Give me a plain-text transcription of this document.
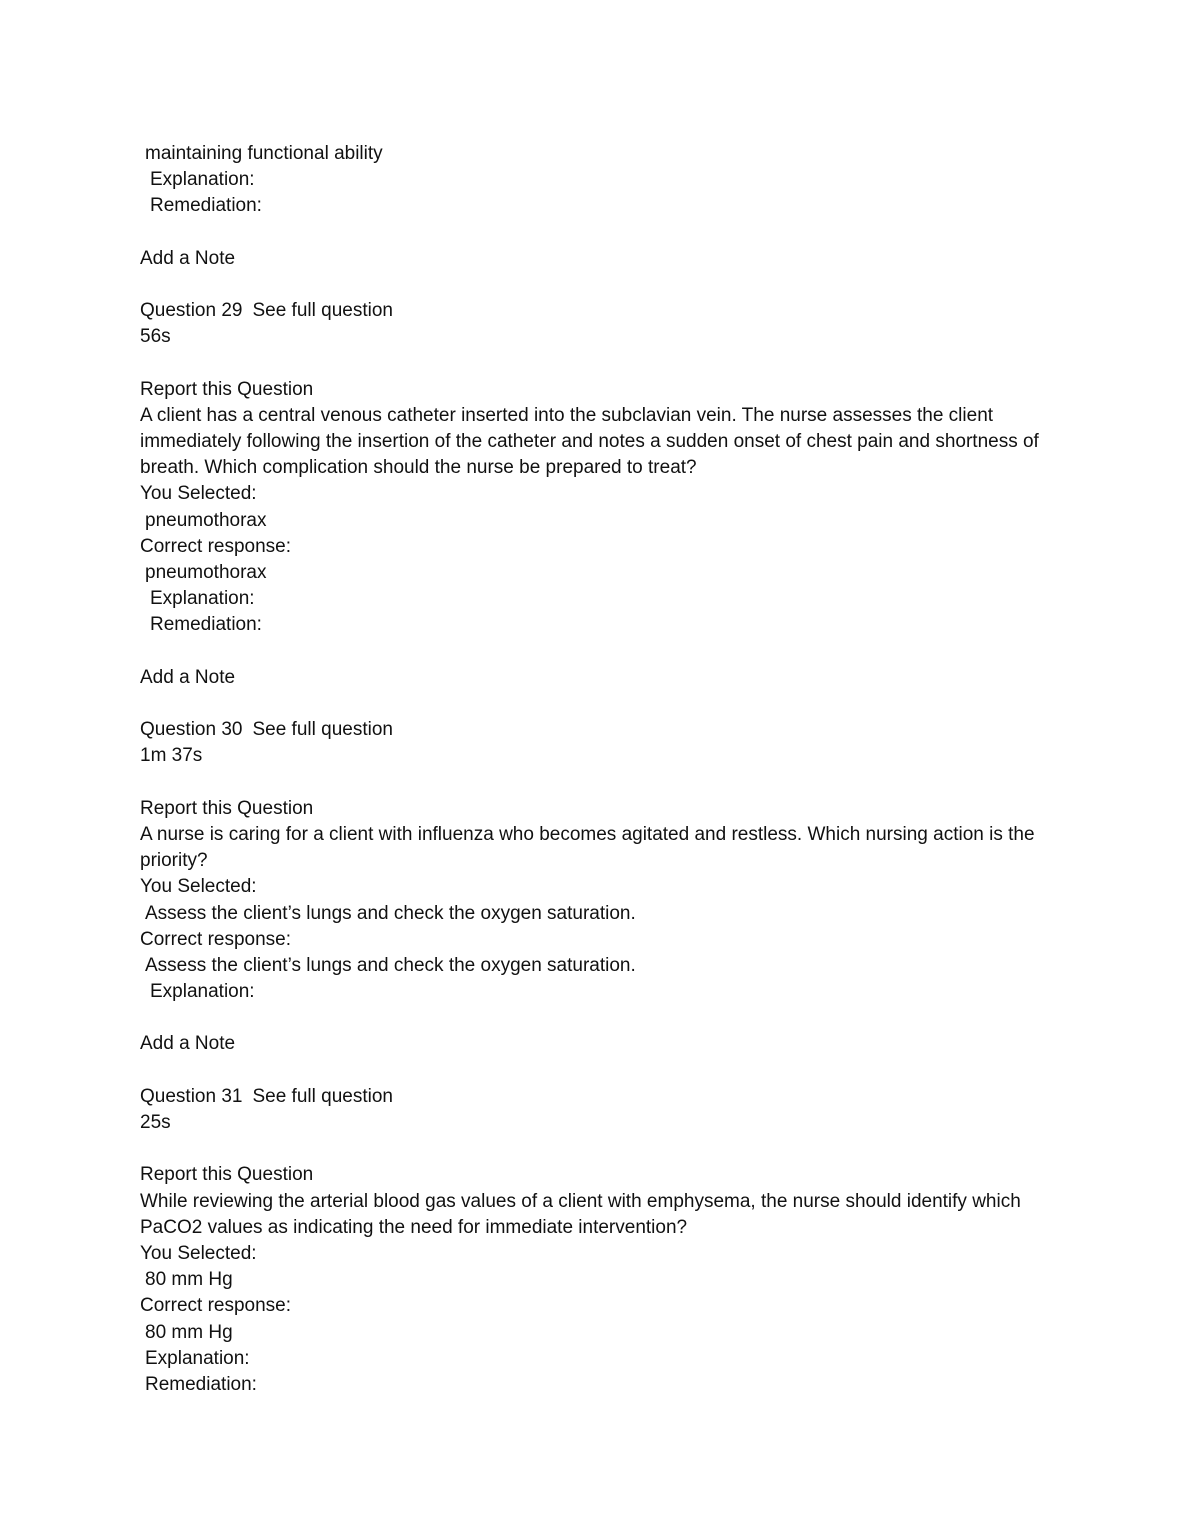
maintaining functional ability
Explanation:
Remediation:
Add a Note
Question 29 See full question
56s
Report this Question
A client has a central venous catheter inserted into the subclavian vein. The nurse assesses the client immediately following the insertion of the catheter and notes a sudden onset of chest pain and shortness of breath. Which complication should the nurse be prepared to treat?
You Selected:
pneumothorax
Correct response:
pneumothorax
Explanation:
Remediation:
Add a Note
Question 30 See full question
1m 37s
Report this Question
A nurse is caring for a client with influenza who becomes agitated and restless. Which nursing action is the priority?
You Selected:
Assess the client’s lungs and check the oxygen saturation.
Correct response:
Assess the client’s lungs and check the oxygen saturation.
Explanation:
Add a Note
Question 31 See full question
25s
Report this Question
While reviewing the arterial blood gas values of a client with emphysema, the nurse should identify which PaCO2 values as indicating the need for immediate intervention?
You Selected:
80 mm Hg
Correct response:
80 mm Hg
Explanation:
Remediation:
